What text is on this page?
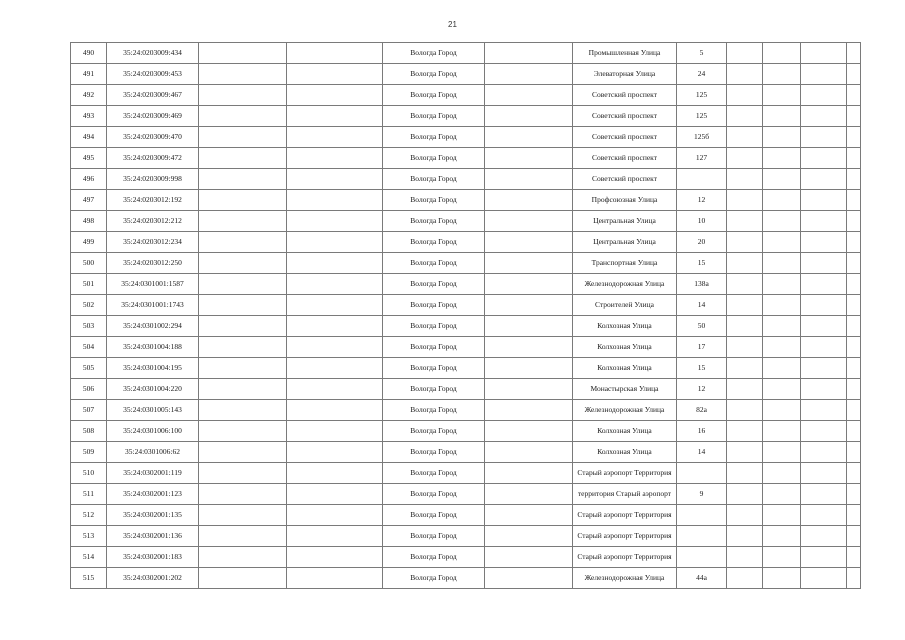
21
490	35:24:0203009:434			Вологда Город		Промышленная Улица	5				
491	35:24:0203009:453			Вологда Город		Элеваторная Улица	24				
492	35:24:0203009:467			Вологда Город		Советский проспект	125				
493	35:24:0203009:469			Вологда Город		Советский проспект	125				
494	35:24:0203009:470			Вологда Город		Советский проспект	125б				
495	35:24:0203009:472			Вологда Город		Советский проспект	127				
496	35:24:0203009:998			Вологда Город		Советский проспект					
497	35:24:0203012:192			Вологда Город		Профсоюзная Улица	12				
498	35:24:0203012:212			Вологда Город		Центральная Улица	10				
499	35:24:0203012:234			Вологда Город		Центральная Улица	20				
500	35:24:0203012:250			Вологда Город		Транспортная Улица	15				
501	35:24:0301001:1587			Вологда Город		Железнодорожная Улица	138а				
502	35:24:0301001:1743			Вологда Город		Строителей Улица	14				
503	35:24:0301002:294			Вологда Город		Колхозная Улица	50				
504	35:24:0301004:188			Вологда Город		Колхозная Улица	17				
505	35:24:0301004:195			Вологда Город		Колхозная Улица	15				
506	35:24:0301004:220			Вологда Город		Монастырская Улица	12				
507	35:24:0301005:143			Вологда Город		Железнодорожная Улица	82а				
508	35:24:0301006:100			Вологда Город		Колхозная Улица	16				
509	35:24:0301006:62			Вологда Город		Колхозная Улица	14				
510	35:24:0302001:119			Вологда Город		Старый аэропорт Территория					
511	35:24:0302001:123			Вологда Город		территория Старый аэропорт	9				
512	35:24:0302001:135			Вологда Город		Старый аэропорт Территория					
513	35:24:0302001:136			Вологда Город		Старый аэропорт Территория					
514	35:24:0302001:183			Вологда Город		Старый аэропорт Территория					
515	35:24:0302001:202			Вологда Город		Железнодорожная Улица	44а				
